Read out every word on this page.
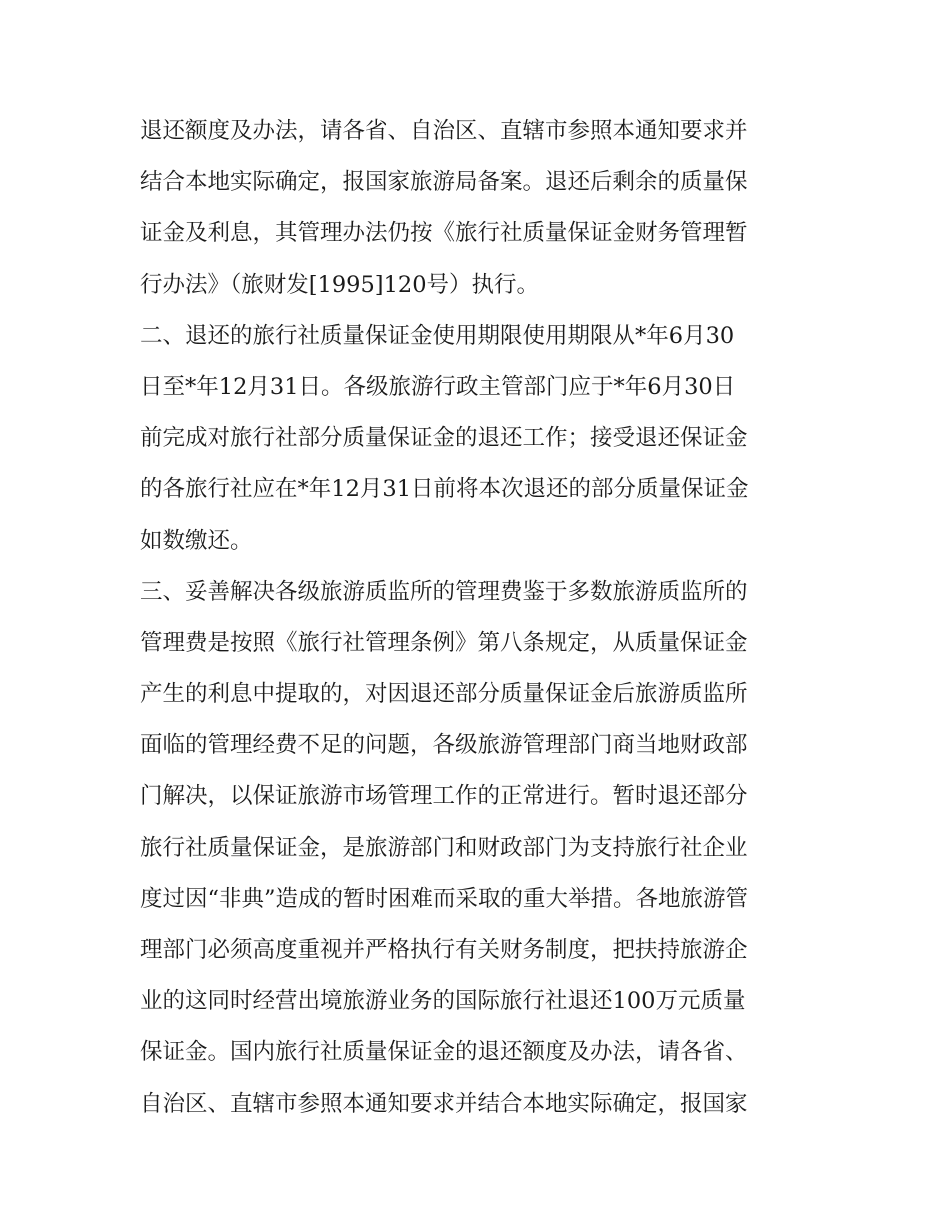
退还额度及办法，请各省、自治区、直辖市参照本通知要求并
结合本地实际确定，报国家旅游局备案。退还后剩余的质量保
证金及利息，其管理办法仍按《旅行社质量保证金财务管理暂
行办法》（旅财发[1995]120号）执行。
二、退还的旅行社质量保证金使用期限使用期限从*年6月30
日至*年12月31日。各级旅游行政主管部门应于*年6月30日
前完成对旅行社部分质量保证金的退还工作；接受退还保证金
的各旅行社应在*年12月31日前将本次退还的部分质量保证金
如数缴还。
三、妥善解决各级旅游质监所的管理费鉴于多数旅游质监所的
管理费是按照《旅行社管理条例》第八条规定，从质量保证金
产生的利息中提取的，对因退还部分质量保证金后旅游质监所
面临的管理经费不足的问题，各级旅游管理部门商当地财政部
门解决，以保证旅游市场管理工作的正常进行。暂时退还部分
旅行社质量保证金，是旅游部门和财政部门为支持旅行社企业
度过因“非典”造成的暂时困难而采取的重大举措。各地旅游管
理部门必须高度重视并严格执行有关财务制度，把扶持旅游企
业的这同时经营出境旅游业务的国际旅行社退还100万元质量
保证金。国内旅行社质量保证金的退还额度及办法，请各省、
自治区、直辖市参照本通知要求并结合本地实际确定，报国家
